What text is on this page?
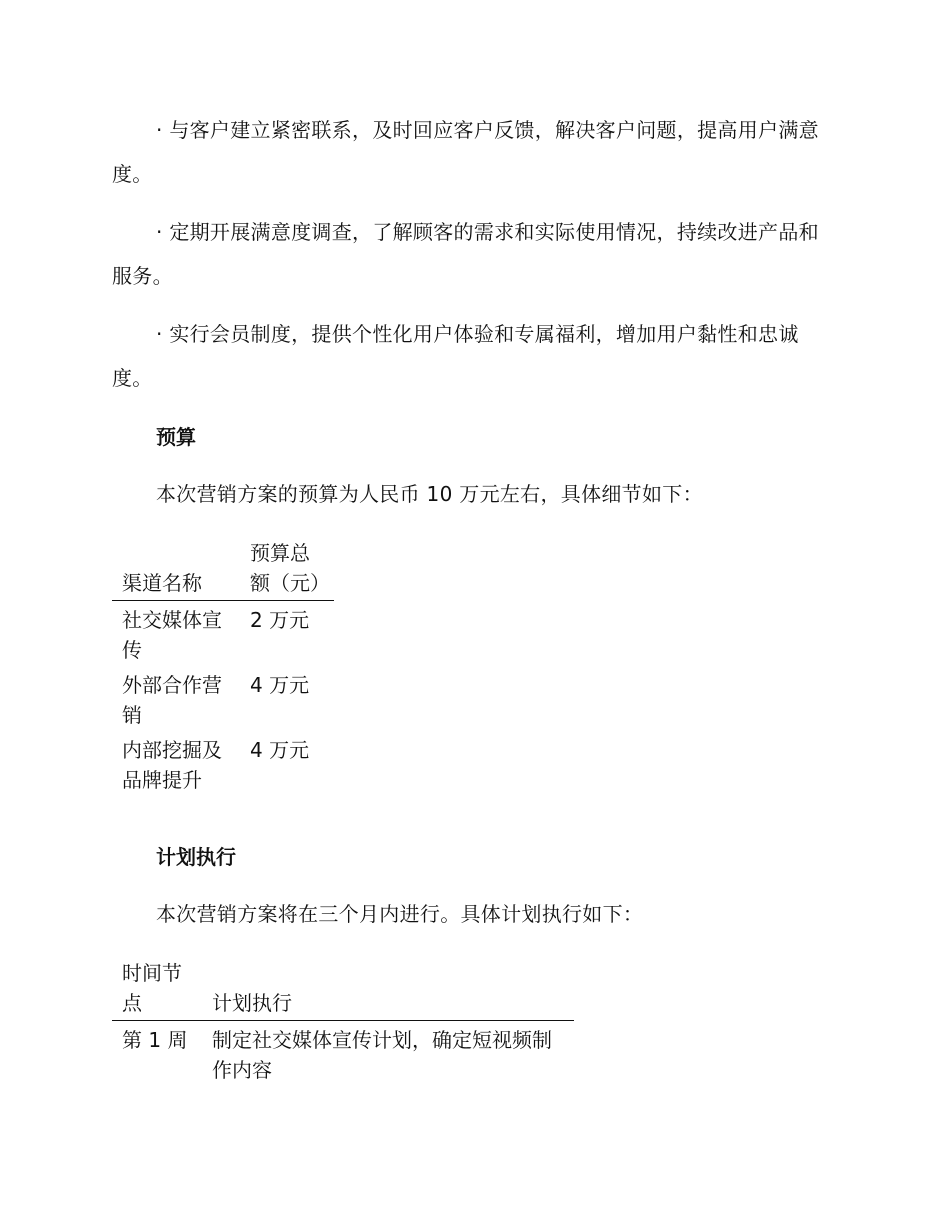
· 与客户建立紧密联系，及时回应客户反馈，解决客户问题，提高用户满意度。

· 定期开展满意度调查，了解顾客的需求和实际使用情况，持续改进产品和服务。

· 实行会员制度，提供个性化用户体验和专属福利，增加用户黏性和忠诚度。

预算

本次营销方案的预算为人民币 10 万元左右，具体细节如下：

渠道名称	预算总额（元）
社交媒体宣传	2 万元
外部合作营销	4 万元
内部挖掘及品牌提升	4 万元
计划执行

本次营销方案将在三个月内进行。具体计划执行如下：

时间节点	计划执行
第 1 周	制定社交媒体宣传计划，确定短视频制作内容
